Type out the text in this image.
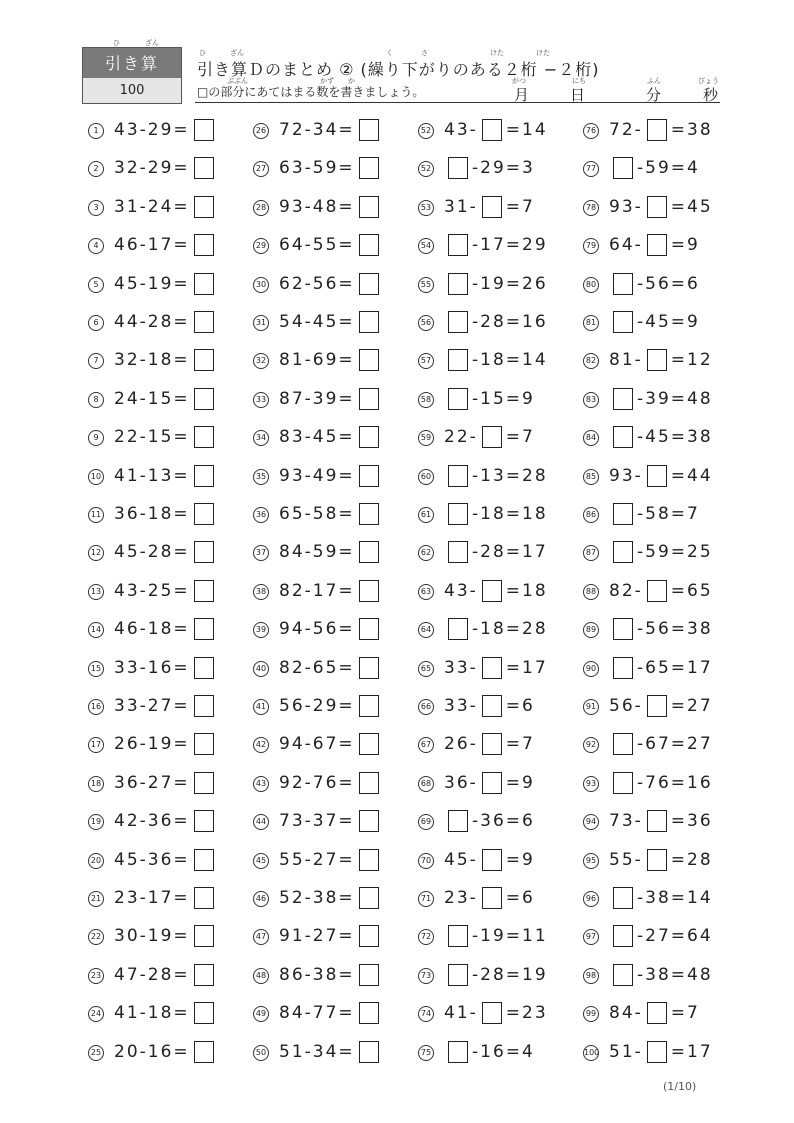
ひ	ざん
引き算
100
ひ	ざん	く	さ	けた	けた
引き算Ｄのまとめ ② (繰り下がりのある２桁 −２桁)
ぶぶん	かず か
□の部分にあてはまる数を書きましょう。
がつ
月
にち
日
ふん
分
びょう
秒
1 43 - 29 =	26 72 - 34 =	52 43 - = 14	76 72 - = 38
2 32 - 29 =	27 63 - 59 =	52 - 29 = 3	77 - 59 = 4
3 31 - 24 =	28 93 - 48 =	53 31 - = 7	78 93 - = 45
4 46 - 17 =	29 64 - 55 =	54 - 17 = 29	79 64 - = 9
5 45 - 19 =	30 62 - 56 =	55 - 19 = 26	80 - 56 = 6
6 44 - 28 =	31 54 - 45 =	56 - 28 = 16	81 - 45 = 9
7 32 - 18 =	32 81 - 69 =	57 - 18 = 14	82 81 - = 12
8 24 - 15 =	33 87 - 39 =	58 - 15 = 9	83 - 39 = 48
9 22 - 15 =	34 83 - 45 =	59 22 - = 7	84 - 45 = 38
10 41 - 13 =	35 93 - 49 =	60 - 13 = 28	85 93 - = 44
11 36 - 18 =	36 65 - 58 =	61 - 18 = 18	86 - 58 = 7
12 45 - 28 =	37 84 - 59 =	62 - 28 = 17	87 - 59 = 25
13 43 - 25 =	38 82 - 17 =	63 43 - = 18	88 82 - = 65
14 46 - 18 =	39 94 - 56 =	64 - 18 = 28	89 - 56 = 38
15 33 - 16 =	40 82 - 65 =	65 33 - = 17	90 - 65 = 17
16 33 - 27 =	41 56 - 29 =	66 33 - = 6	91 56 - = 27
17 26 - 19 =	42 94 - 67 =	67 26 - = 7	92 - 67 = 27
18 36 - 27 =	43 92 - 76 =	68 36 - = 9	93 - 76 = 16
19 42 - 36 =	44 73 - 37 =	69 - 36 = 6	94 73 - = 36
20 45 - 36 =	45 55 - 27 =	70 45 - = 9	95 55 - = 28
21 23 - 17 =	46 52 - 38 =	71 23 - = 6	96 - 38 = 14
22 30 - 19 =	47 91 - 27 =	72 - 19 = 11	97 - 27 = 64
23 47 - 28 =	48 86 - 38 =	73 - 28 = 19	98 - 38 = 48
24 41 - 18 =	49 84 - 77 =	74 41 - = 23	99 84 - = 7
25 20 - 16 =	50 51 - 34 =	75 - 16 = 4	100 51 - = 17
(1/10)
